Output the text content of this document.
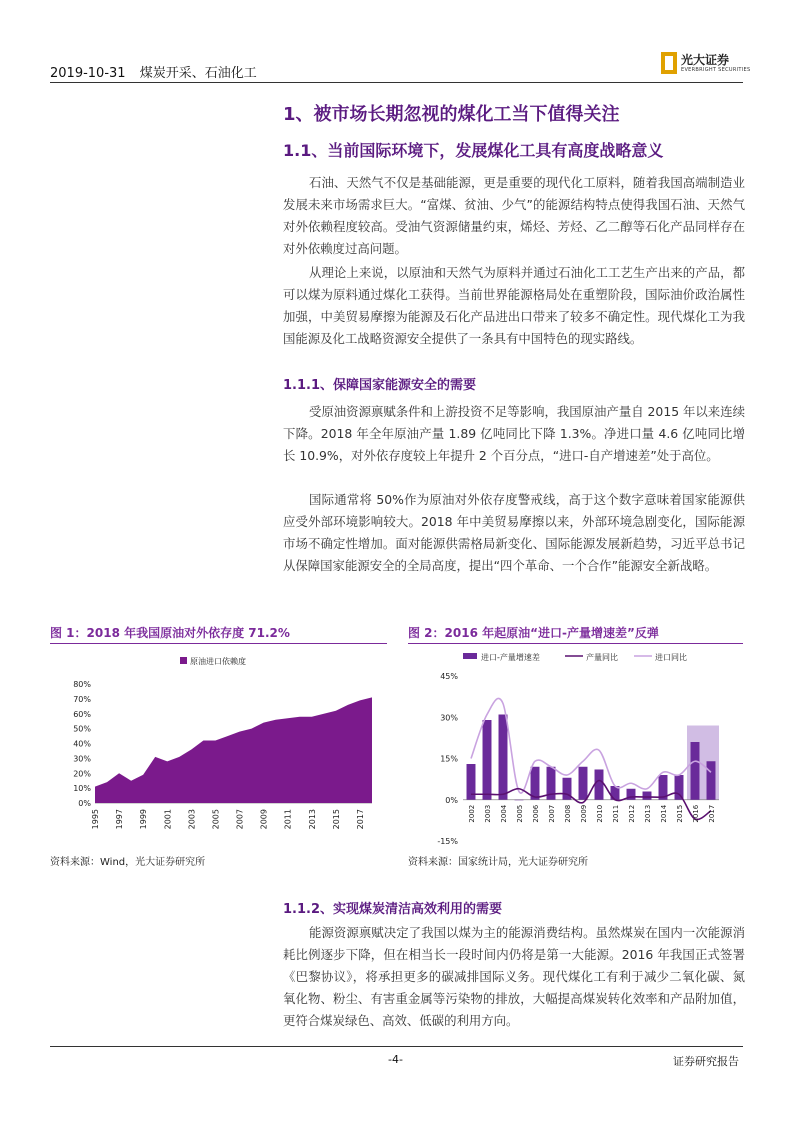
2019-10-31 煤炭开采、石油化工
光大证券
EVERBRIGHT SECURITIES
1、被市场长期忽视的煤化工当下值得关注
1.1、当前国际环境下，发展煤化工具有高度战略意义
石油、天然气不仅是基础能源，更是重要的现代化工原料，随着我国高端制造业发展未来市场需求巨大。“富煤、贫油、少气”的能源结构特点使得我国石油、天然气对外依赖程度较高。受油气资源储量约束，烯烃、芳烃、乙二醇等石化产品同样存在对外依赖度过高问题。
从理论上来说，以原油和天然气为原料并通过石油化工工艺生产出来的产品，都可以煤为原料通过煤化工获得。当前世界能源格局处在重塑阶段，国际油价政治属性加强，中美贸易摩擦为能源及石化产品进出口带来了较多不确定性。现代煤化工为我国能源及化工战略资源安全提供了一条具有中国特色的现实路线。
1.1.1、保障国家能源安全的需要
受原油资源禀赋条件和上游投资不足等影响，我国原油产量自 2015 年以来连续下降。2018 年全年原油产量 1.89 亿吨同比下降 1.3%。净进口量 4.6 亿吨同比增长 10.9%，对外依存度较上年提升 2 个百分点，“进口-自产增速差”处于高位。
国际通常将 50%作为原油对外依存度警戒线，高于这个数字意味着国家能源供应受外部环境影响较大。2018 年中美贸易摩擦以来，外部环境急剧变化，国际能源市场不确定性增加。面对能源供需格局新变化、国际能源发展新趋势，习近平总书记从保障国家能源安全的全局高度，提出“四个革命、一个合作”能源安全新战略。
图 1：2018 年我国原油对外依存度 71.2%
原油进口依赖度
0%
10%
20%
30%
40%
50%
60%
70%
80%
1995 1997 1999 2001 2003 2005 2007 2009 2011 2013 2015 2017
资料来源：Wind，光大证券研究所
图 2：2016 年起原油“进口-产量增速差”反弹
进口-产量增速差	产量同比	进口同比
45%
30%
15%
0%
-15%
2002 2003 2004 2005 2006 2007 2008 2009 2010 2011 2012 2013 2014 2015 2016 2017
资料来源：国家统计局，光大证券研究所
1.1.2、实现煤炭清洁高效利用的需要
能源资源禀赋决定了我国以煤为主的能源消费结构。虽然煤炭在国内一次能源消耗比例逐步下降，但在相当长一段时间内仍将是第一大能源。2016 年我国正式签署《巴黎协议》，将承担更多的碳减排国际义务。现代煤化工有利于减少二氧化碳、氮氧化物、粉尘、有害重金属等污染物的排放，大幅提高煤炭转化效率和产品附加值，更符合煤炭绿色、高效、低碳的利用方向。
-4-	证券研究报告
